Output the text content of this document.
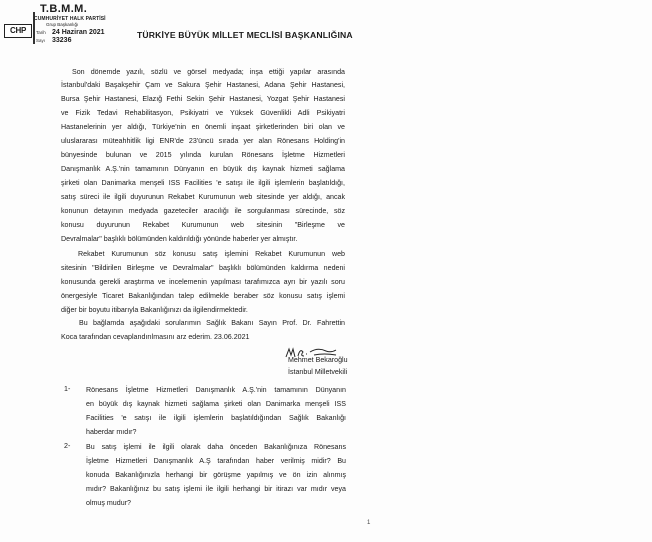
CHP
T.B.M.M.
CUMHURİYET HALK PARTİSİ
Grup Başkanlığı
Tarih 24 Haziran 2021
Sayı 33236
TÜRKİYE BÜYÜK MİLLET MECLİSİ BAŞKANLIĞINA
Son dönemde yazılı, sözlü ve görsel medyada; inşa ettiği yapılar arasında
İstanbul'daki Başakşehir Çam ve Sakura Şehir Hastanesi, Adana Şehir Hastanesi,
Bursa Şehir Hastanesi, Elazığ Fethi Sekin Şehir Hastanesi, Yozgat Şehir Hastanesi
ve Fizik Tedavi Rehabilitasyon, Psikiyatri ve Yüksek Güvenlikli Adli Psikiyatri
Hastanelerinin yer aldığı, Türkiye'nin en önemli inşaat şirketlerinden biri olan ve
uluslararası müteahhitlik ligi ENR'de 23'üncü sırada yer alan Rönesans Holding'in
bünyesinde bulunan ve 2015 yılında kurulan Rönesans İşletme Hizmetleri
Danışmanlık A.Ş.'nin tamamının Dünyanın en büyük dış kaynak hizmeti sağlama
şirketi olan Danimarka menşeli ISS Facilities 'e satışı ile ilgili işlemlerin başlatıldığı,
satış süreci ile ilgili duyurunun Rekabet Kurumunun web sitesinde yer aldığı, ancak
konunun detayının medyada gazeteciler aracılığı ile sorgulanması sürecinde, söz
konusu duyurunun Rekabet Kurumunun web sitesinin "Birleşme ve
Devralmalar" başlıklı bölümünden kaldırıldığı yönünde haberler yer almıştır.
Rekabet Kurumunun söz konusu satış işlemini Rekabet Kurumunun web
sitesinin "Bildirilen Birleşme ve Devralmalar" başlıklı bölümünden kaldırma nedeni
konusunda gerekli araştırma ve incelemenin yapılması tarafımızca ayrı bir yazılı soru
önergesiyle Ticaret Bakanlığından talep edilmekle beraber söz konusu satış işlemi
diğer bir boyutu itibarıyla Bakanlığınızı da ilgilendirmektedir.
Bu bağlamda aşağıdaki sorularımın Sağlık Bakanı Sayın Prof. Dr. Fahrettin
Koca tarafından cevaplandırılmasını arz ederim. 23.06.2021
Mehmet Bekaroğlu
İstanbul Milletvekili
1- Rönesans İşletme Hizmetleri Danışmanlık A.Ş.'nin tamamının Dünyanın
en büyük dış kaynak hizmeti sağlama şirketi olan Danimarka menşeli ISS
Facilities 'e satışı ile ilgili işlemlerin başlatıldığından Sağlık Bakanlığı
haberdar mıdır?
2- Bu satış işlemi ile ilgili olarak daha önceden Bakanlığınıza Rönesans
İşletme Hizmetleri Danışmanlık A.Ş tarafından haber verilmiş midir? Bu
konuda Bakanlığınızla herhangi bir görüşme yapılmış ve ön izin alınmış
mıdır? Bakanlığınız bu satış işlemi ile ilgili herhangi bir itirazı var mıdır veya
olmuş mudur?
1
